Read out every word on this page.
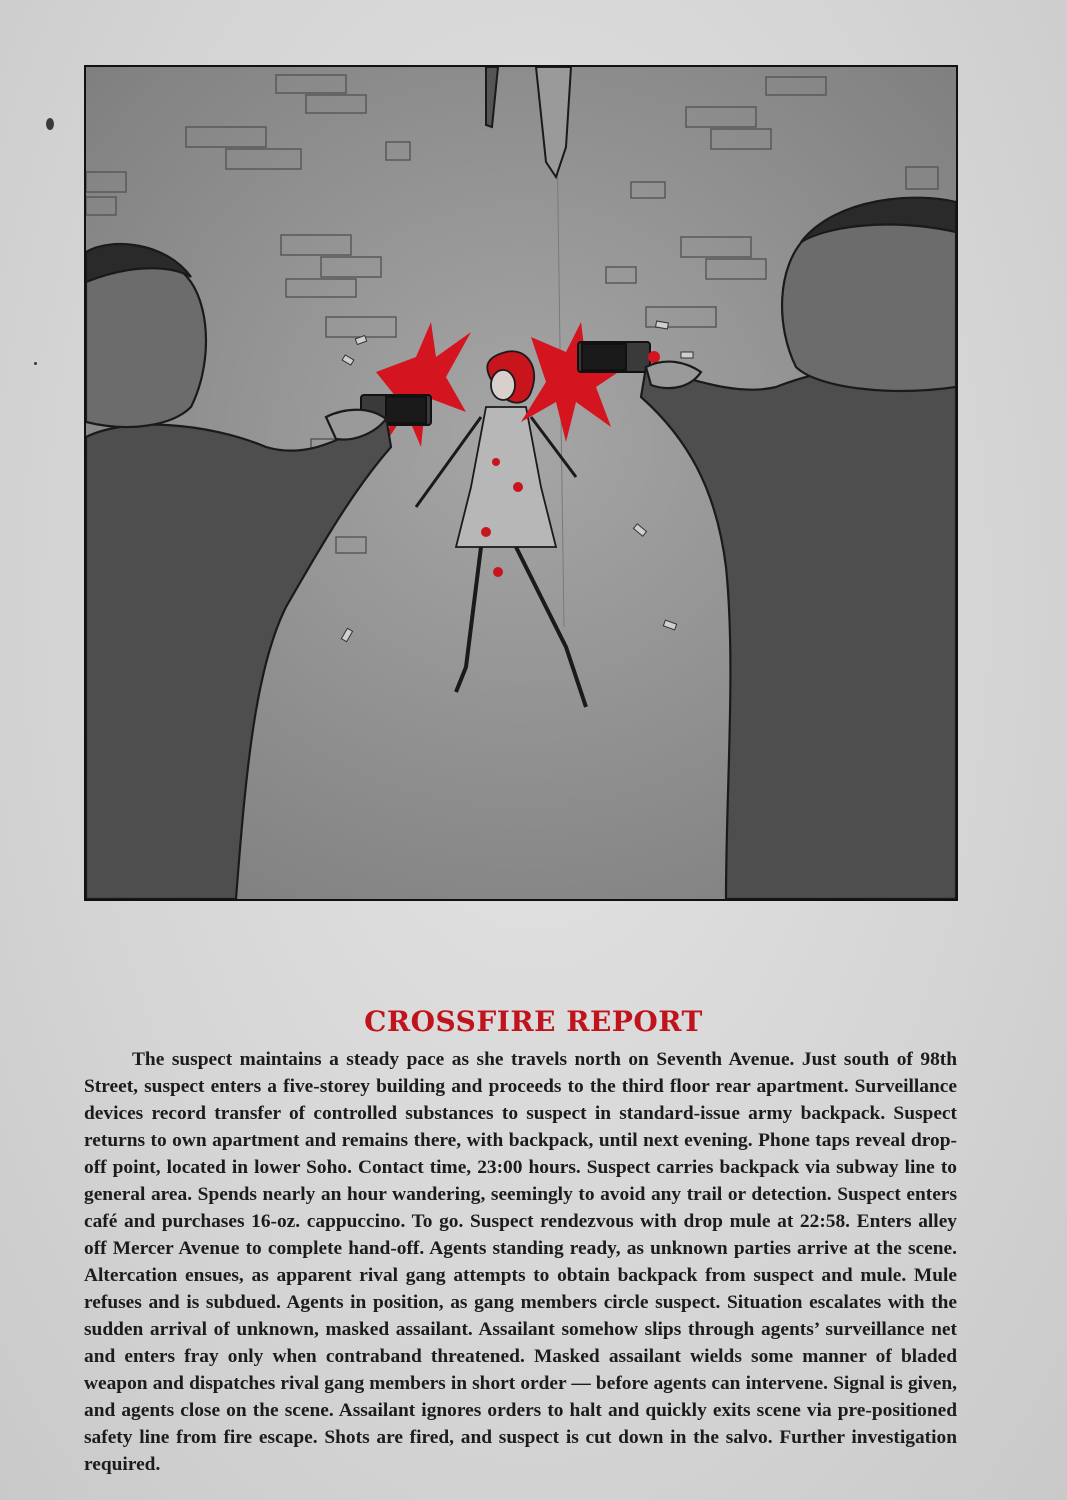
CROSSFIRE REPORT

The suspect maintains a steady pace as she travels north on Seventh Avenue. Just south of 98th Street, suspect enters a five-storey building and proceeds to the third floor rear apartment. Surveillance devices record transfer of controlled substances to suspect in standard-issue army backpack. Suspect returns to own apartment and remains there, with backpack, until next evening. Phone taps reveal drop-off point, located in lower Soho. Contact time, 23:00 hours. Suspect carries backpack via subway line to general area. Spends nearly an hour wandering, seemingly to avoid any trail or detection. Suspect enters café and purchases 16-oz. cappuccino. To go. Suspect rendezvous with drop mule at 22:58. Enters alley off Mercer Avenue to complete hand-off. Agents standing ready, as unknown parties arrive at the scene. Altercation ensues, as apparent rival gang attempts to obtain backpack from suspect and mule. Mule refuses and is subdued. Agents in position, as gang members circle suspect. Situation escalates with the sudden arrival of unknown, masked assailant. Assailant somehow slips through agents’ surveillance net and enters fray only when contraband threatened. Masked assailant wields some manner of bladed weapon and dispatches rival gang members in short order — before agents can intervene. Signal is given, and agents close on the scene. Assailant ignores orders to halt and quickly exits scene via pre-positioned safety line from fire escape. Shots are fired, and suspect is cut down in the salvo. Further investigation required.
